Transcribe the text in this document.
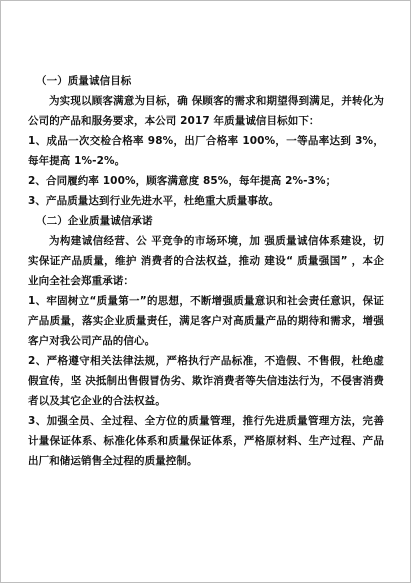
（一）质量诚信目标

为实现以顾客满意为目标，确 保顾客的需求和期望得到满足，并转化为公司的产品和服务要求，本公司 2017 年质量诚信目标如下：

1、成品一次交检合格率 98%，出厂合格率 100%，一等品率达到 3%，每年提高 1%-2%。

2、合同履约率 100%，顾客满意度 85%，每年提高 2%-3%；

3、产品质量达到行业先进水平，杜绝重大质量事故。

（二）企业质量诚信承诺

为构建诚信经营、公 平竞争的市场环境，加 强质量诚信体系建设，切 实保证产品质量，维护 消费者的合法权益，推动 建设“ 质量强国” ，本企业向全社会郑重承诺：

1、牢固树立“质量第一”的思想，不断增强质量意识和社会责任意识，保证产品质量，落实企业质量责任，满足客户对高质量产品的期待和需求，增强客户对我公司产品的信心。

2、严格遵守相关法律法规，严格执行产品标准，不造假、不售假，杜绝虚假宣传，坚 决抵制出售假冒伪劣、欺诈消费者等失信违法行为，不侵害消费者以及其它企业的合法权益。

3、加强全员、全过程、全方位的质量管理，推行先进质量管理方法，完善计量保证体系、标准化体系和质量保证体系，严格原材料、生产过程、产品出厂和储运销售全过程的质量控制。
